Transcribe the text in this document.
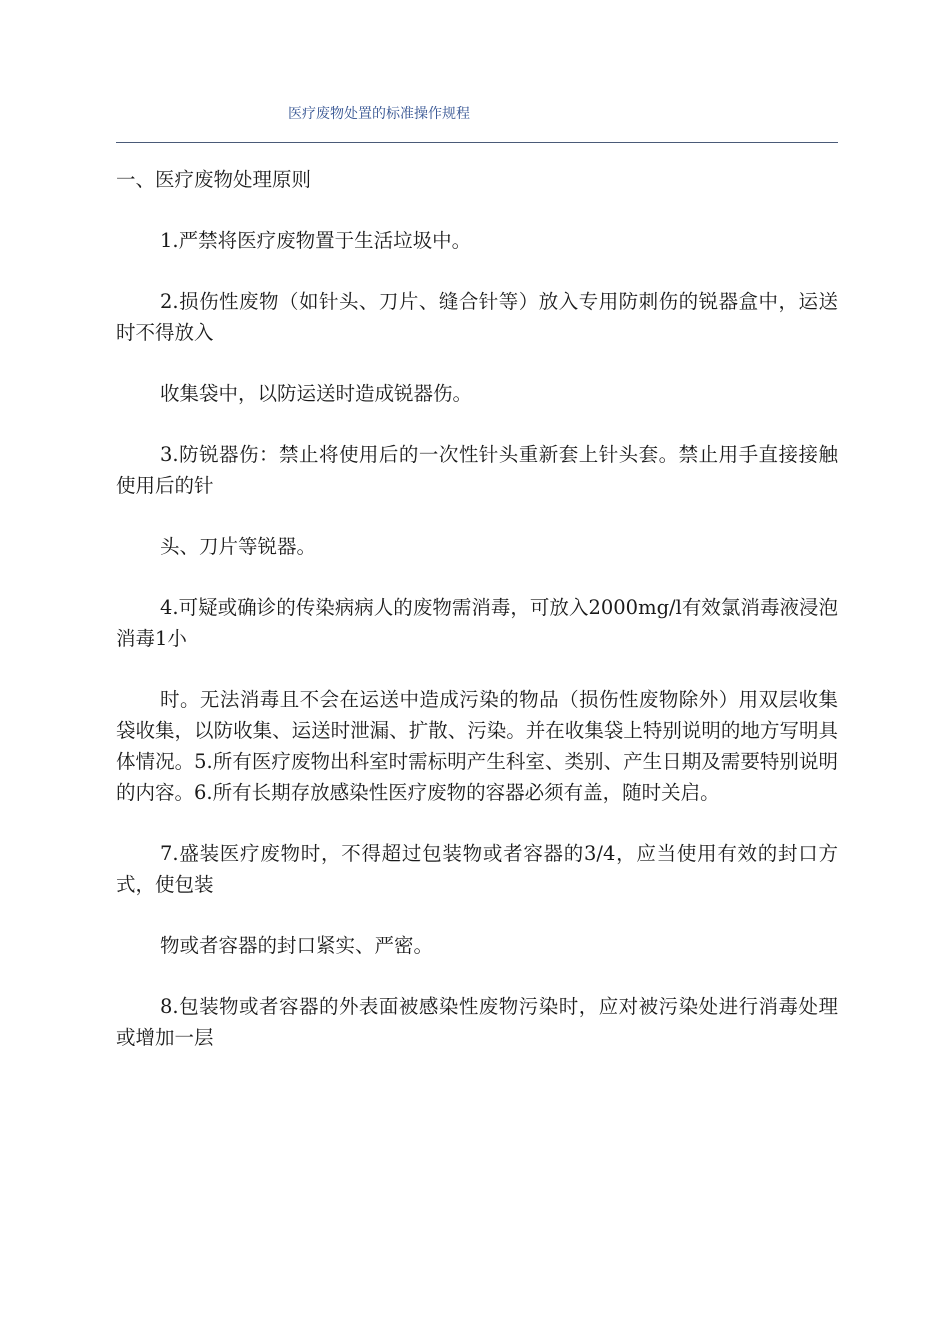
医疗废物处置的标准操作规程

一、医疗废物处理原则

1.严禁将医疗废物置于生活垃圾中。

2.损伤性废物（如针头、刀片、缝合针等）放入专用防刺伤的锐器盒中，运送时不得放入

收集袋中，以防运送时造成锐器伤。

3.防锐器伤：禁止将使用后的一次性针头重新套上针头套。禁止用手直接接触使用后的针

头、刀片等锐器。

4.可疑或确诊的传染病病人的废物需消毒，可放入2000mg/l有效氯消毒液浸泡消毒1小

时。无法消毒且不会在运送中造成污染的物品（损伤性废物除外）用双层收集袋收集，以防收集、运送时泄漏、扩散、污染。并在收集袋上特别说明的地方写明具体情况。5.所有医疗废物出科室时需标明产生科室、类别、产生日期及需要特别说明的内容。6.所有长期存放感染性医疗废物的容器必须有盖，随时关启。

7.盛装医疗废物时，不得超过包装物或者容器的3/4，应当使用有效的封口方式，使包装

物或者容器的封口紧实、严密。

8.包装物或者容器的外表面被感染性废物污染时，应对被污染处进行消毒处理或增加一层
